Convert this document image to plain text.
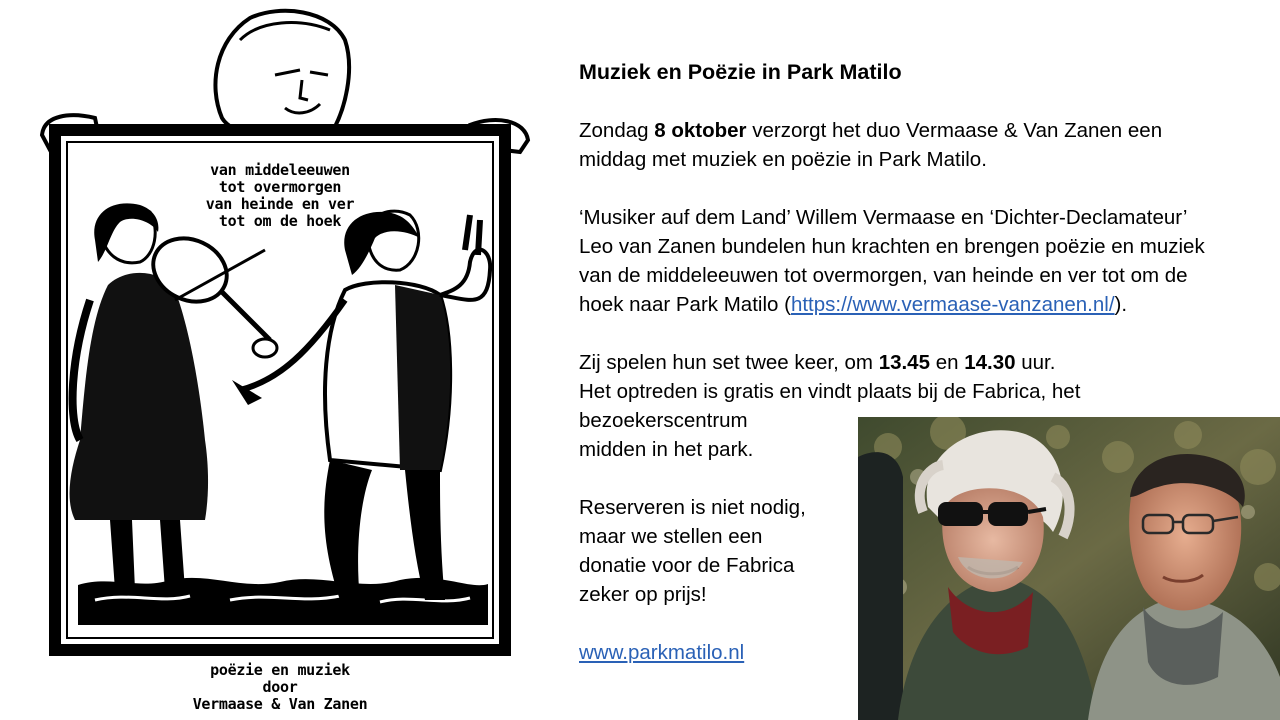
van middeleeuwen
tot overmorgen
van heinde en ver
tot om de hoek
poëzie en muziek
door
Vermaase & Van Zanen

Muziek en Poëzie in Park Matilo

Zondag 8 oktober verzorgt het duo Vermaase & Van Zanen een
middag met muziek en poëzie in Park Matilo.

‘Musiker auf dem Land’ Willem Vermaase en ‘Dichter-Declamateur’
Leo van Zanen bundelen hun krachten en brengen poëzie en muziek
van de middeleeuwen tot overmorgen, van heinde en ver tot om de
hoek naar Park Matilo (https://www.vermaase-vanzanen.nl/).

Zij spelen hun set twee keer, om 13.45 en 14.30 uur.
Het optreden is gratis en vindt plaats bij de Fabrica, het
bezoekerscentrum
midden in het park.

Reserveren is niet nodig,
maar we stellen een
donatie voor de Fabrica
zeker op prijs!

www.parkmatilo.nl
